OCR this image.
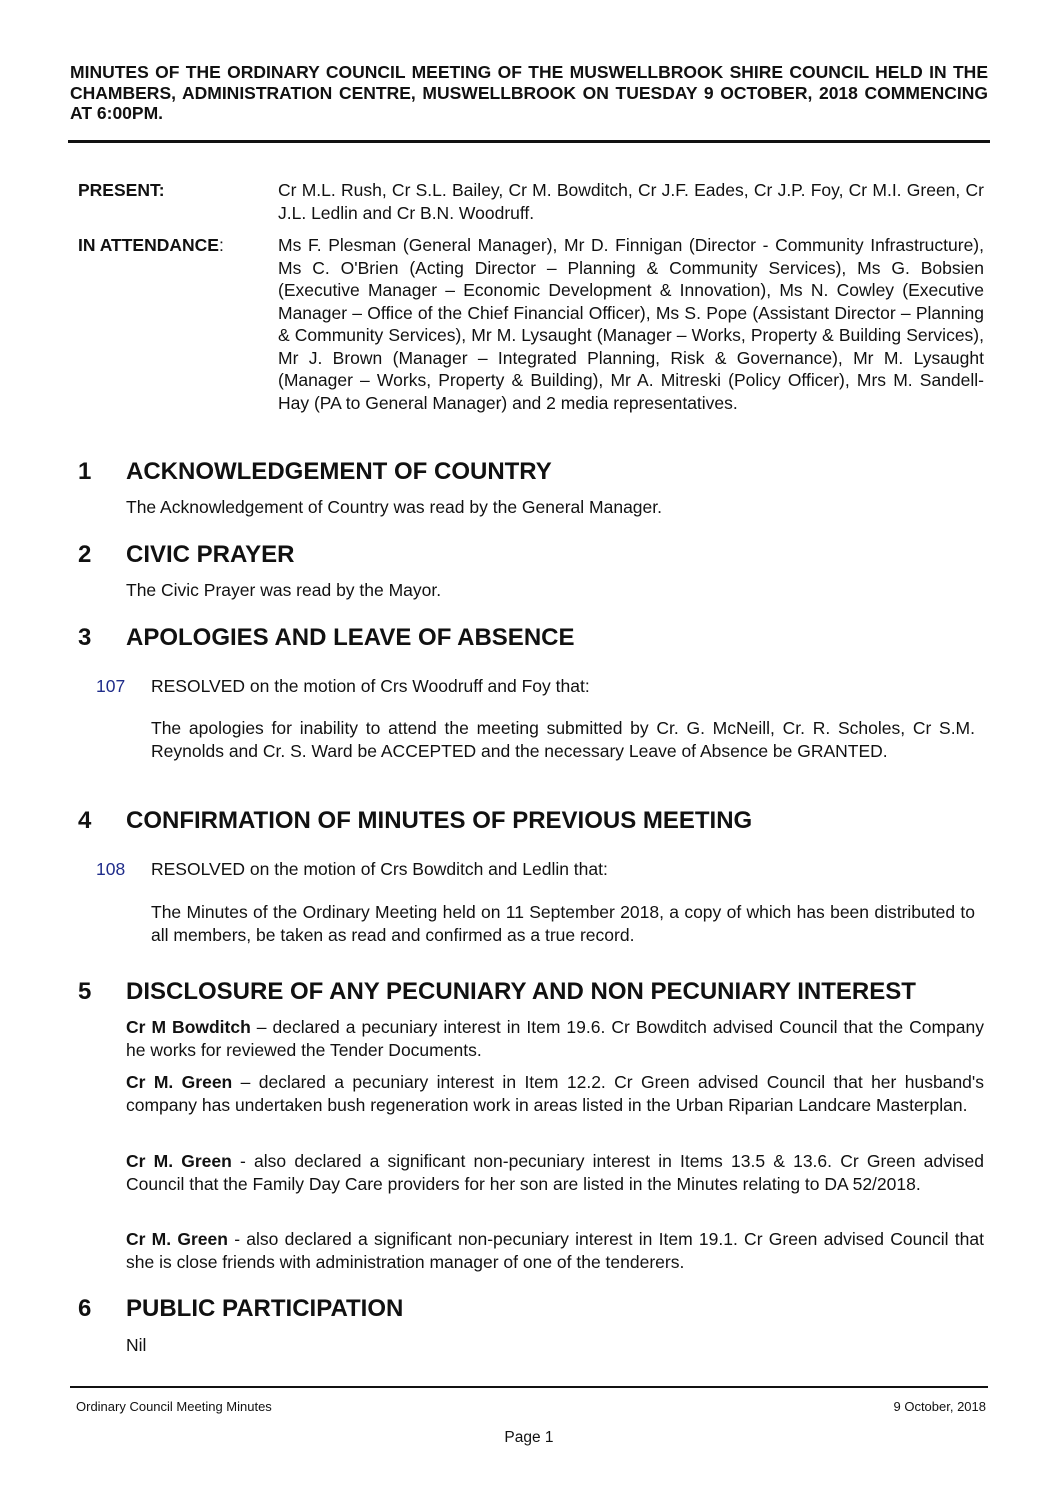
MINUTES OF THE ORDINARY COUNCIL MEETING OF THE MUSWELLBROOK SHIRE COUNCIL HELD IN THE CHAMBERS, ADMINISTRATION CENTRE, MUSWELLBROOK ON TUESDAY 9 OCTOBER, 2018 COMMENCING AT 6:00PM.
PRESENT:	Cr M.L. Rush, Cr S.L. Bailey, Cr M. Bowditch, Cr J.F. Eades, Cr J.P. Foy, Cr M.I. Green, Cr J.L. Ledlin and Cr B.N. Woodruff.
IN ATTENDANCE:	Ms F. Plesman (General Manager), Mr D. Finnigan (Director - Community Infrastructure), Ms C. O'Brien (Acting Director – Planning & Community Services), Ms G. Bobsien (Executive Manager – Economic Development & Innovation), Ms N. Cowley (Executive Manager – Office of the Chief Financial Officer), Ms S. Pope (Assistant Director – Planning & Community Services), Mr M. Lysaught (Manager – Works, Property & Building Services), Mr J. Brown (Manager – Integrated Planning, Risk & Governance), Mr M. Lysaught (Manager – Works, Property & Building), Mr A. Mitreski (Policy Officer), Mrs M. Sandell-Hay (PA to General Manager) and 2 media representatives.
1 ACKNOWLEDGEMENT OF COUNTRY
The Acknowledgement of Country was read by the General Manager.
2 CIVIC PRAYER
The Civic Prayer was read by the Mayor.
3 APOLOGIES AND LEAVE OF ABSENCE
107 RESOLVED on the motion of Crs Woodruff and Foy that:
The apologies for inability to attend the meeting submitted by Cr. G. McNeill, Cr. R. Scholes, Cr S.M. Reynolds and Cr. S. Ward be ACCEPTED and the necessary Leave of Absence be GRANTED.
4 CONFIRMATION OF MINUTES OF PREVIOUS MEETING
108 RESOLVED on the motion of Crs Bowditch and Ledlin that:
The Minutes of the Ordinary Meeting held on 11 September 2018, a copy of which has been distributed to all members, be taken as read and confirmed as a true record.
5 DISCLOSURE OF ANY PECUNIARY AND NON PECUNIARY INTEREST
Cr M Bowditch – declared a pecuniary interest in Item 19.6. Cr Bowditch advised Council that the Company he works for reviewed the Tender Documents.
Cr M. Green – declared a pecuniary interest in Item 12.2. Cr Green advised Council that her husband's company has undertaken bush regeneration work in areas listed in the Urban Riparian Landcare Masterplan.
Cr M. Green - also declared a significant non-pecuniary interest in Items 13.5 & 13.6. Cr Green advised Council that the Family Day Care providers for her son are listed in the Minutes relating to DA 52/2018.
Cr M. Green - also declared a significant non-pecuniary interest in Item 19.1. Cr Green advised Council that she is close friends with administration manager of one of the tenderers.
6 PUBLIC PARTICIPATION
Nil
Ordinary Council Meeting Minutes	9 October, 2018
Page 1
